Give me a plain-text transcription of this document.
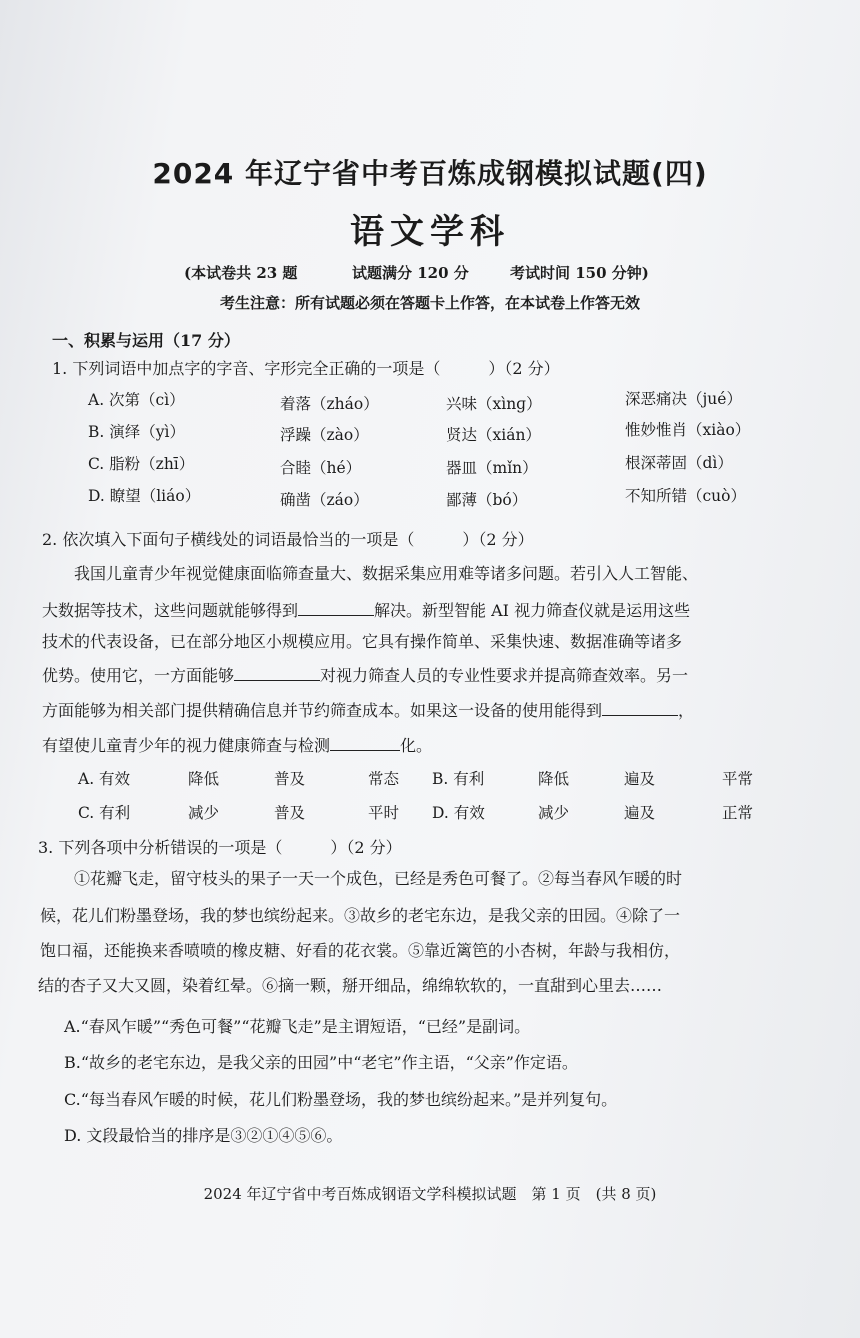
2024 年辽宁省中考百炼成钢模拟试题(四)
语文学科
(本试卷共 23 题	试题满分 120 分	考试时间 150 分钟)
考生注意：所有试题必须在答题卡上作答，在本试卷上作答无效
一、积累与运用（17 分）
1. 下列词语中加点字的字音、字形完全正确的一项是（　　　）（2 分）
A. 次第（cì）	着落（zháo）	兴味（xìnɡ）	深恶痛决（jué）
B. 演绎（yì）	浮躁（zào）	贤达（xián）	惟妙惟肖（xiào）
C. 脂粉（zhī）	合睦（hé）	器皿（mǐn）	根深蒂固（dì）
D. 瞭望（liáo）	确凿（záo）	鄙薄（bó）	不知所错（cuò）
2. 依次填入下面句子横线处的词语最恰当的一项是（　　　）（2 分）
我国儿童青少年视觉健康面临筛查量大、数据采集应用难等诸多问题。若引入人工智能、
大数据等技术，这些问题就能够得到	解决。新型智能 AI 视力筛查仪就是运用这些
技术的代表设备，已在部分地区小规模应用。它具有操作简单、采集快速、数据准确等诸多
优势。使用它，一方面能够	对视力筛查人员的专业性要求并提高筛查效率。另一
方面能够为相关部门提供精确信息并节约筛查成本。如果这一设备的使用能得到	，
有望使儿童青少年的视力健康筛查与检测	化。
A. 有效	降低	普及	常态 B. 有利	降低	遍及	平常
C. 有利	减少	普及	平时 D. 有效	减少	遍及	正常
3. 下列各项中分析错误的一项是（　　　）（2 分）
①花瓣飞走，留守枝头的果子一天一个成色，已经是秀色可餐了。②每当春风乍暖的时
候，花儿们粉墨登场，我的梦也缤纷起来。③故乡的老宅东边，是我父亲的田园。④除了一
饱口福，还能换来香喷喷的橡皮糖、好看的花衣裳。⑤靠近篱笆的小杏树，年龄与我相仿，
结的杏子又大又圆，染着红晕。⑥摘一颗，掰开细品，绵绵软软的，一直甜到心里去……
A.“春风乍暖”“秀色可餐”“花瓣飞走”是主谓短语，“已经”是副词。
B.“故乡的老宅东边，是我父亲的田园”中“老宅”作主语，“父亲”作定语。
C.“每当春风乍暖的时候，花儿们粉墨登场，我的梦也缤纷起来。”是并列复句。
D. 文段最恰当的排序是③②①④⑤⑥。
2024 年辽宁省中考百炼成钢语文学科模拟试题　第 1 页　(共 8 页)
